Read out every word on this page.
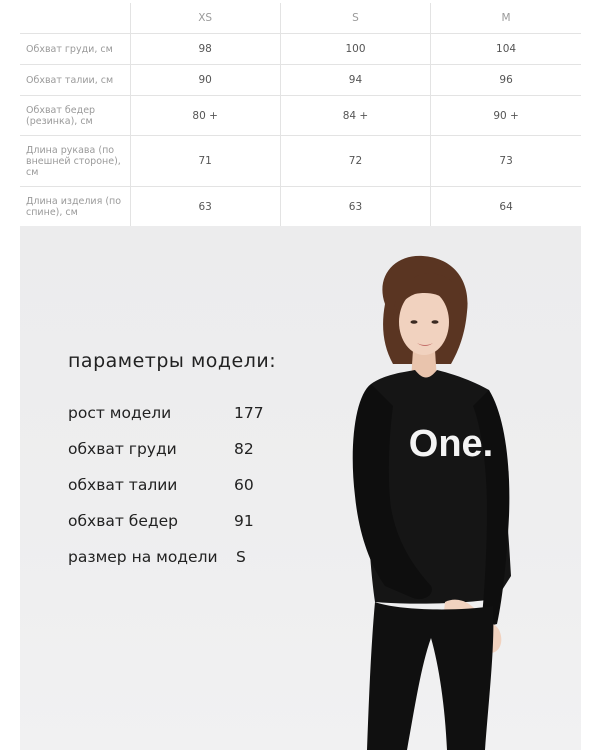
	XS	S	M
Обхват груди, см	98	100	104
Обхват талии, см	90	94	96
Обхват бедер (резинка), см	80 +	84 +	90 +
Длина рукава (по внешней стороне), см	71	72	73
Длина изделия (по спине), см	63	63	64
параметры модели:
рост модели	177
обхват груди	82
обхват талии	60
обхват бедер	91
размер на модели S
One.
